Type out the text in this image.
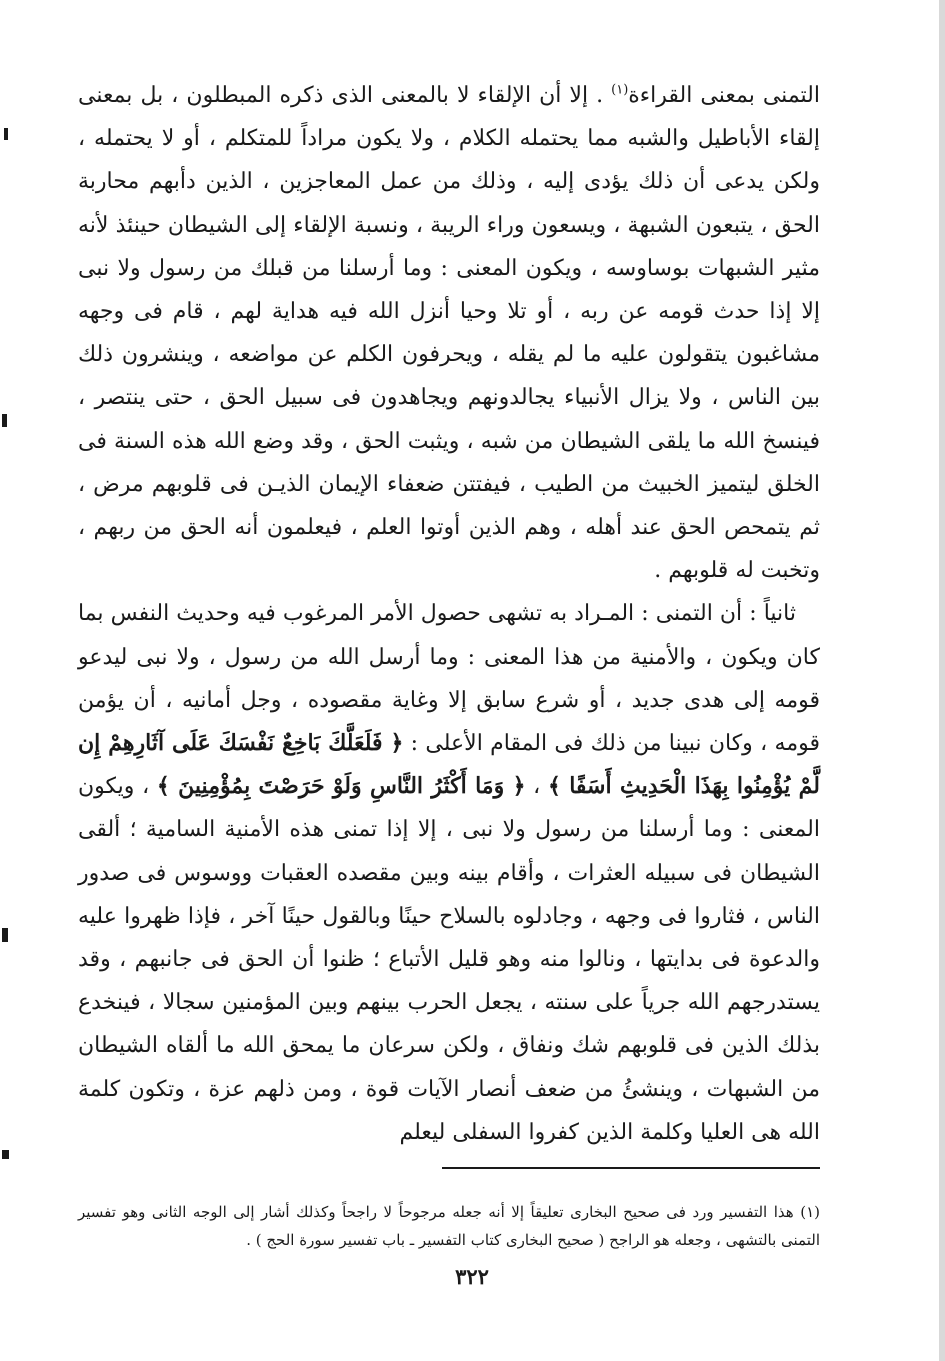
التمنى بمعنى القراءة$^{(١)}$ . إلا أن الإلقاء لا بالمعنى الذى ذكره المبطلون ، بل بمعنى إلقاء الأباطيل والشبه مما يحتمله الكلام ، ولا يكون مراداً للمتكلم ، أو لا يحتمله ، ولكن يدعى أن ذلك يؤدى إليه ، وذلك من عمل المعاجزين ، الذين دأبهم محاربة الحق ، يتبعون الشبهة ، ويسعون وراء الريبة ، ونسبة الإلقاء إلى الشيطان حينئذ لأنه مثير الشبهات بوساوسه ، ويكون المعنى : وما أرسلنا من قبلك من رسول ولا نبى إلا إذا حدث قومه عن ربه ، أو تلا وحيا أنزل الله فيه هداية لهم ، قام فى وجهه مشاغبون يتقولون عليه ما لم يقله ، ويحرفون الكلم عن مواضعه ، وينشرون ذلك بين الناس ، ولا يزال الأنبياء يجالدونهم ويجاهدون فى سبيل الحق ، حتى ينتصر ، فينسخ الله ما يلقى الشيطان من شبه ، ويثبت الحق ، وقد وضع الله هذه السنة فى الخلق ليتميز الخبيث من الطيب ، فيفتتن ضعفاء الإيمان الذيـن فى قلوبهم مرض ، ثم يتمحص الحق عند أهله ، وهم الذين أوتوا العلم ، فيعلمون أنه الحق من ربهم ، وتخبت له قلوبهم .

ثانياً : أن التمنى : المـراد به تشهى حصول الأمر المرغوب فيه وحديث النفس بما كان ويكون ، والأمنية من هذا المعنى : وما أرسل الله من رسول ، ولا نبى ليدعو قومه إلى هدى جديد ، أو شرع سابق إلا وغاية مقصوده ، وجل أمانيه ، أن يؤمن قومه ، وكان نبينا من ذلك فى المقام الأعلى : ﴿ فَلَعَلَّكَ بَاخِعٌ نَفْسَكَ عَلَى آثَارِهِمْ إِن لَّمْ يُؤْمِنُوا بِهَذَا الْحَدِيثِ أَسَفًا ﴾ ، ﴿ وَمَا أَكْثَرُ النَّاسِ وَلَوْ حَرَصْتَ بِمُؤْمِنِينَ ﴾ ، ويكون المعنى : وما أرسلنا من رسول ولا نبى ، إلا إذا تمنى هذه الأمنية السامية ؛ ألقى الشيطان فى سبيله العثرات ، وأقام بينه وبين مقصده العقبات ووسوس فى صدور الناس ، فثاروا فى وجهه ، وجادلوه بالسلاح حينًا وبالقول حينًا آخر ، فإذا ظهروا عليه والدعوة فى بدايتها ، ونالوا منه وهو قليل الأتباع ؛ ظنوا أن الحق فى جانبهم ، وقد يستدرجهم الله جرياً على سنته ، يجعل الحرب بينهم وبين المؤمنين سجالا ، فينخدع بذلك الذين فى قلوبهم شك ونفاق ، ولكن سرعان ما يمحق الله ما ألقاه الشيطان من الشبهات ، وينشئُ من ضعف أنصار الآيات قوة ، ومن ذلهم عزة ، وتكون كلمة الله هى العليا وكلمة الذين كفروا السفلى ليعلم

(١) هذا التفسير ورد فى صحيح البخارى تعليقاً إلا أنه جعله مرجوحاً لا راجحاً وكذلك أشار إلى الوجه الثانى وهو تفسير التمنى بالتشهى ، وجعله هو الراجح ( صحيح البخارى كتاب التفسير ـ باب تفسير سورة الحج ) .
٣٢٢
